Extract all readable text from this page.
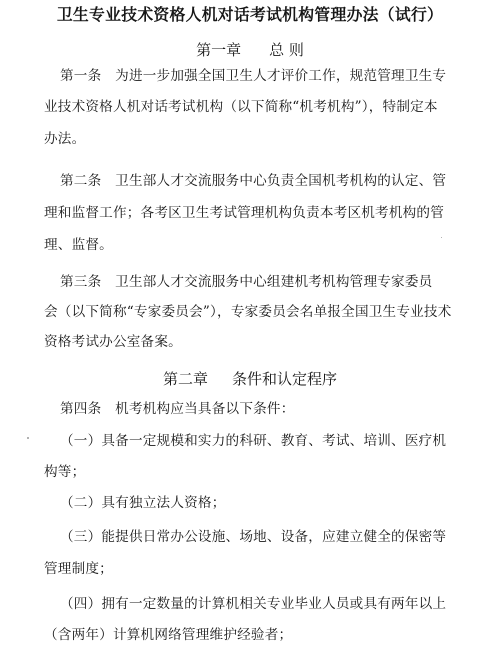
卫生专业技术资格人机对话考试机构管理办法（试行）
第一章 总 则
第一条　为进一步加强全国卫生人才评价工作，规范管理卫生专
业技术资格人机对话考试机构（以下简称“机考机构”），特制定本
办法。
第二条　卫生部人才交流服务中心负责全国机考机构的认定、管
理和监督工作；各考区卫生考试管理机构负责本考区机考机构的管
理、监督。
第三条　卫生部人才交流服务中心组建机考机构管理专家委员
会（以下简称“专家委员会”），专家委员会名单报全国卫生专业技术
资格考试办公室备案。
第二章 条件和认定程序
第四条　机考机构应当具备以下条件：
（一）具备一定规模和实力的科研、教育、考试、培训、医疗机
构等；
（二）具有独立法人资格；
（三）能提供日常办公设施、场地、设备，应建立健全的保密等
管理制度；
（四）拥有一定数量的计算机相关专业毕业人员或具有两年以上
（含两年）计算机网络管理维护经验者；
